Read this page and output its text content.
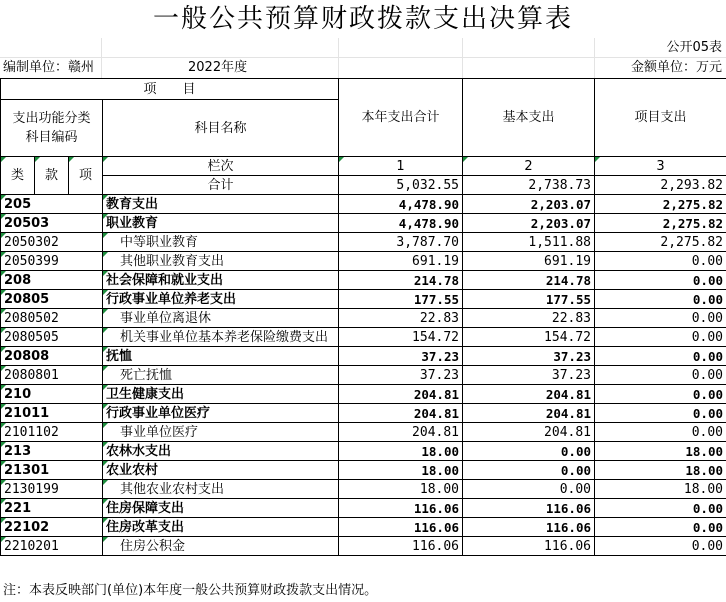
一般公共预算财政拨款支出决算表
公开05表
编制单位：赣州	2022年度	金额单位：万元
项　　目				本年支出合计	基本支出	项目支出
支出功能分类
科目编码			科目名称			
类	款	项				
			栏次	1	2	3
			合计	5,032.55	2,738.73	2,293.82
205			教育支出	4,478.90	2,203.07	2,275.82
20503			职业教育	4,478.90	2,203.07	2,275.82
2050302			中等职业教育	3,787.70	1,511.88	2,275.82
2050399			其他职业教育支出	691.19	691.19	0.00
208			社会保障和就业支出	214.78	214.78	0.00
20805			行政事业单位养老支出	177.55	177.55	0.00
2080502			事业单位离退休	22.83	22.83	0.00
2080505			机关事业单位基本养老保险缴费支出	154.72	154.72	0.00
20808			抚恤	37.23	37.23	0.00
2080801			死亡抚恤	37.23	37.23	0.00
210			卫生健康支出	204.81	204.81	0.00
21011			行政事业单位医疗	204.81	204.81	0.00
2101102			事业单位医疗	204.81	204.81	0.00
213			农林水支出	18.00	0.00	18.00
21301			农业农村	18.00	0.00	18.00
2130199			其他农业农村支出	18.00	0.00	18.00
221			住房保障支出	116.06	116.06	0.00
22102			住房改革支出	116.06	116.06	0.00
2210201			住房公积金	116.06	116.06	0.00
注：本表反映部门(单位)本年度一般公共预算财政拨款支出情况。
